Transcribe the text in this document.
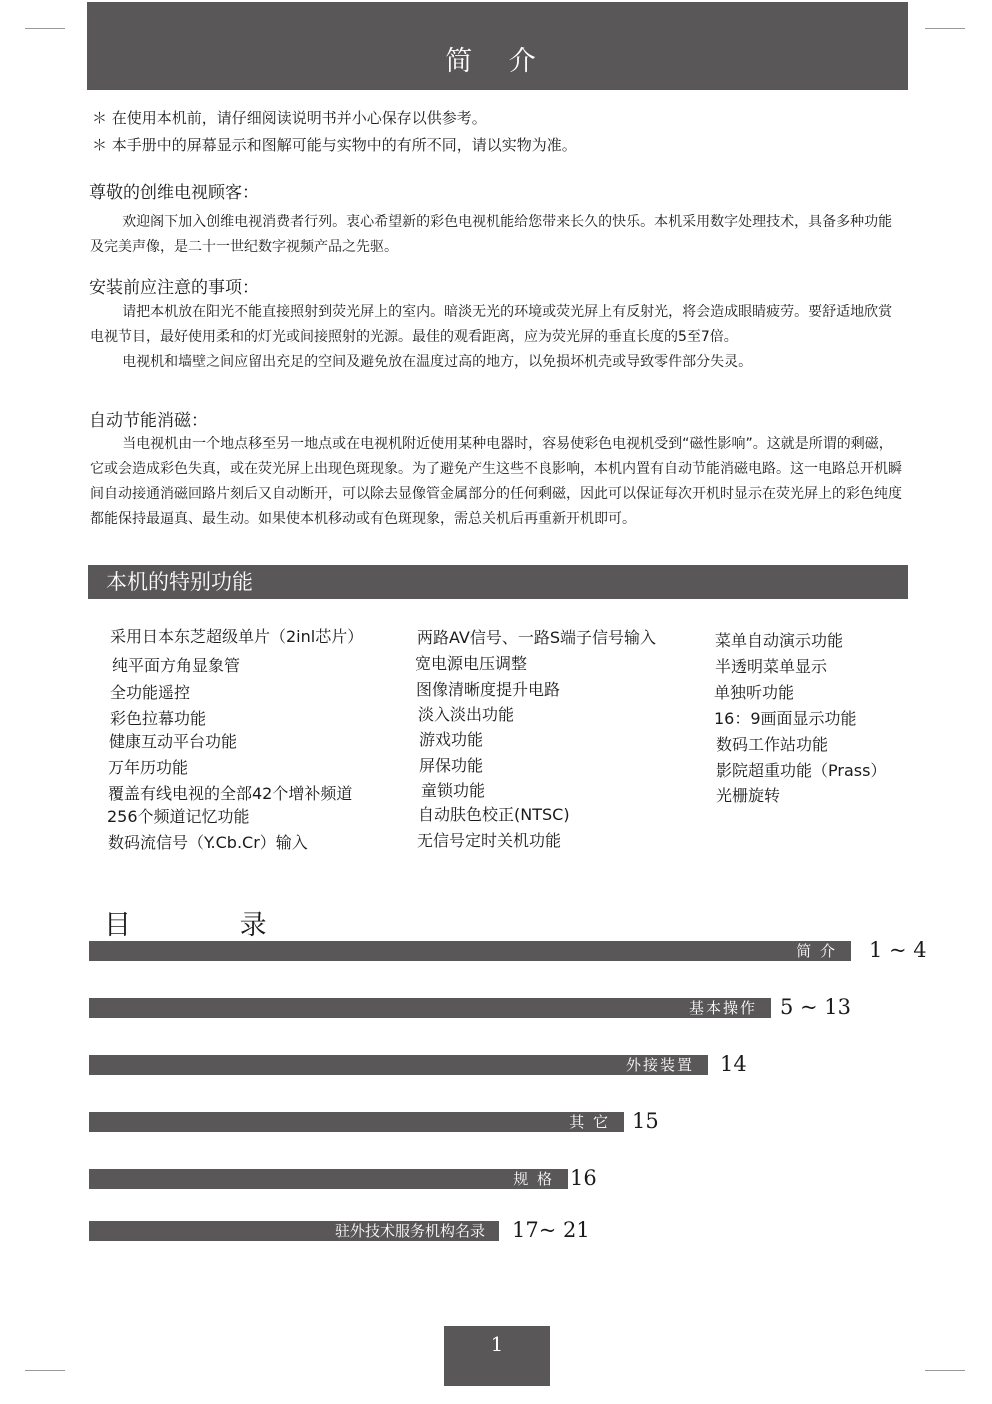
简 介
＊ 在使用本机前，请仔细阅读说明书并小心保存以供参考。
＊ 本手册中的屏幕显示和图解可能与实物中的有所不同，请以实物为准。
尊敬的创维电视顾客：

欢迎阁下加入创维电视消费者行列。衷心希望新的彩色电视机能给您带来长久的快乐。本机采用数字处理技术，具备多种功能及完美声像，是二十一世纪数字视频产品之先驱。

安装前应注意的事项：

请把本机放在阳光不能直接照射到荧光屏上的室内。暗淡无光的环境或荧光屏上有反射光，将会造成眼睛疲劳。要舒适地欣赏电视节目，最好使用柔和的灯光或间接照射的光源。最佳的观看距离，应为荧光屏的垂直长度的5至7倍。

电视机和墙壁之间应留出充足的空间及避免放在温度过高的地方，以免损坏机壳或导致零件部分失灵。

自动节能消磁：

当电视机由一个地点移至另一地点或在电视机附近使用某种电器时，容易使彩色电视机受到“磁性影响”。这就是所谓的剩磁，它或会造成彩色失真，或在荧光屏上出现色斑现象。为了避免产生这些不良影响，本机内置有自动节能消磁电路。这一电路总开机瞬间自动接通消磁回路片刻后又自动断开，可以除去显像管金属部分的任何剩磁，因此可以保证每次开机时显示在荧光屏上的彩色纯度都能保持最逼真、最生动。如果使本机移动或有色斑现象，需总关机后再重新开机即可。

本机的特别功能
采用日本东芝超级单片（2inl芯片）
纯平面方角显象管
全功能遥控
彩色拉幕功能
健康互动平台功能
万年历功能
覆盖有线电视的全部42个增补频道
256个频道记忆功能
数码流信号（Y.Cb.Cr）输入
两路AV信号、一路S端子信号输入
宽电源电压调整
图像清晰度提升电路
淡入淡出功能
游戏功能
屏保功能
童锁功能
自动肤色校正(NTSC)
无信号定时关机功能
菜单自动演示功能
半透明菜单显示
单独听功能
16：9画面显示功能
数码工作站功能
影院超重功能（Prass）
光栅旋转
目 录
简 介	1 ~ 4
基本操作	5 ~ 13
外接装置	14
其 它	15
规 格 16
驻外技术服务机构名录	17~ 21
1
